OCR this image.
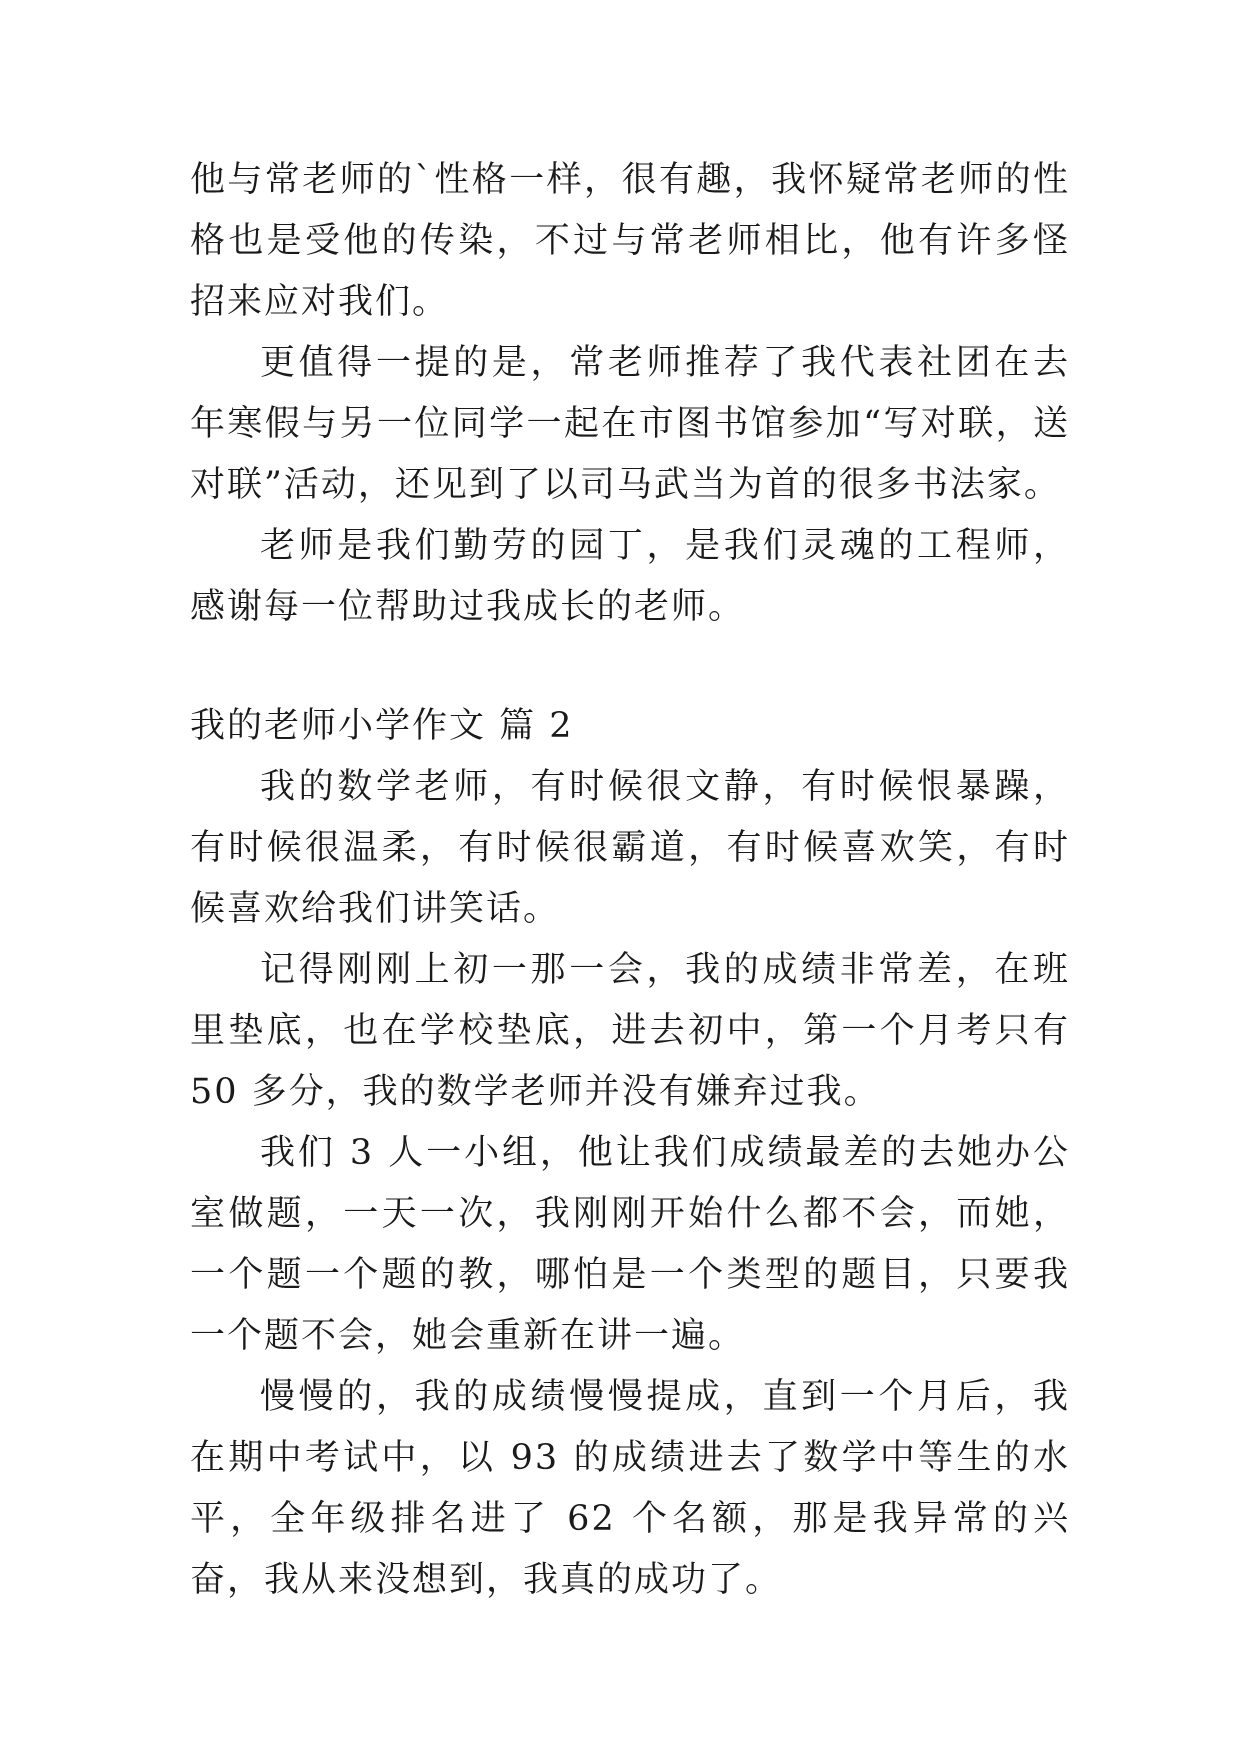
他与常老师的`性格一样，很有趣，我怀疑常老师的性格也是受他的传染，不过与常老师相比，他有许多怪招来应对我们。

更值得一提的是，常老师推荐了我代表社团在去年寒假与另一位同学一起在市图书馆参加“写对联，送对联”活动，还见到了以司马武当为首的很多书法家。

老师是我们勤劳的园丁，是我们灵魂的工程师，感谢每一位帮助过我成长的老师。

我的老师小学作文 篇 2

我的数学老师，有时候很文静，有时候恨暴躁，有时候很温柔，有时候很霸道，有时候喜欢笑，有时候喜欢给我们讲笑话。

记得刚刚上初一那一会，我的成绩非常差，在班里垫底，也在学校垫底，进去初中，第一个月考只有 50 多分，我的数学老师并没有嫌弃过我。

我们 3 人一小组，他让我们成绩最差的去她办公室做题，一天一次，我刚刚开始什么都不会，而她，一个题一个题的教，哪怕是一个类型的题目，只要我一个题不会，她会重新在讲一遍。

慢慢的，我的成绩慢慢提成，直到一个月后，我在期中考试中，以 93 的成绩进去了数学中等生的水平，全年级排名进了 62 个名额，那是我异常的兴奋，我从来没想到，我真的成功了。
